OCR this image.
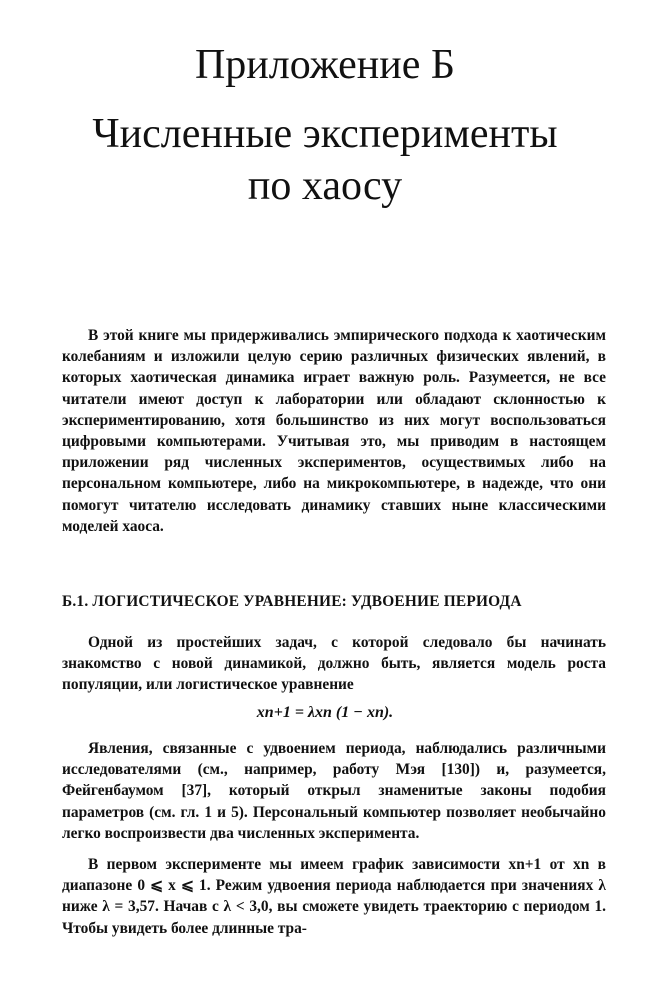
Приложение Б
Численные эксперименты
по хаосу

В этой книге мы придерживались эмпирического подхода к хаотическим колебаниям и изложили целую серию различных физических явлений, в которых хаотическая динамика играет важную роль. Разумеется, не все читатели имеют доступ к лаборатории или обладают склонностью к экспериментированию, хотя большинство из них могут воспользоваться цифровыми компьютерами. Учитывая это, мы приводим в настоящем приложении ряд численных экспериментов, осуществимых либо на персональном компьютере, либо на микрокомпьютере, в надежде, что они помогут читателю исследовать динамику ставших ныне классическими моделей хаоса.

Б.1. ЛОГИСТИЧЕСКОЕ УРАВНЕНИЕ: УДВОЕНИЕ ПЕРИОДА

Одной из простейших задач, с которой следовало бы начинать знакомство с новой динамикой, должно быть, является модель роста популяции, или логистическое уравнение

xn+1 = λxn (1 − xn).

Явления, связанные с удвоением периода, наблюдались различными исследователями (см., например, работу Мэя [130]) и, разумеется, Фейгенбаумом [37], который открыл знаменитые законы подобия параметров (см. гл. 1 и 5). Персональный компьютер позволяет необычайно легко воспроизвести два численных эксперимента.

В первом эксперименте мы имеем график зависимости xn+1 от xn в диапазоне 0 ⩽ x ⩽ 1. Режим удвоения периода наблюдается при значениях λ ниже λ = 3,57. Начав с λ < 3,0, вы сможете увидеть траекторию с периодом 1. Чтобы увидеть более длинные тра-
